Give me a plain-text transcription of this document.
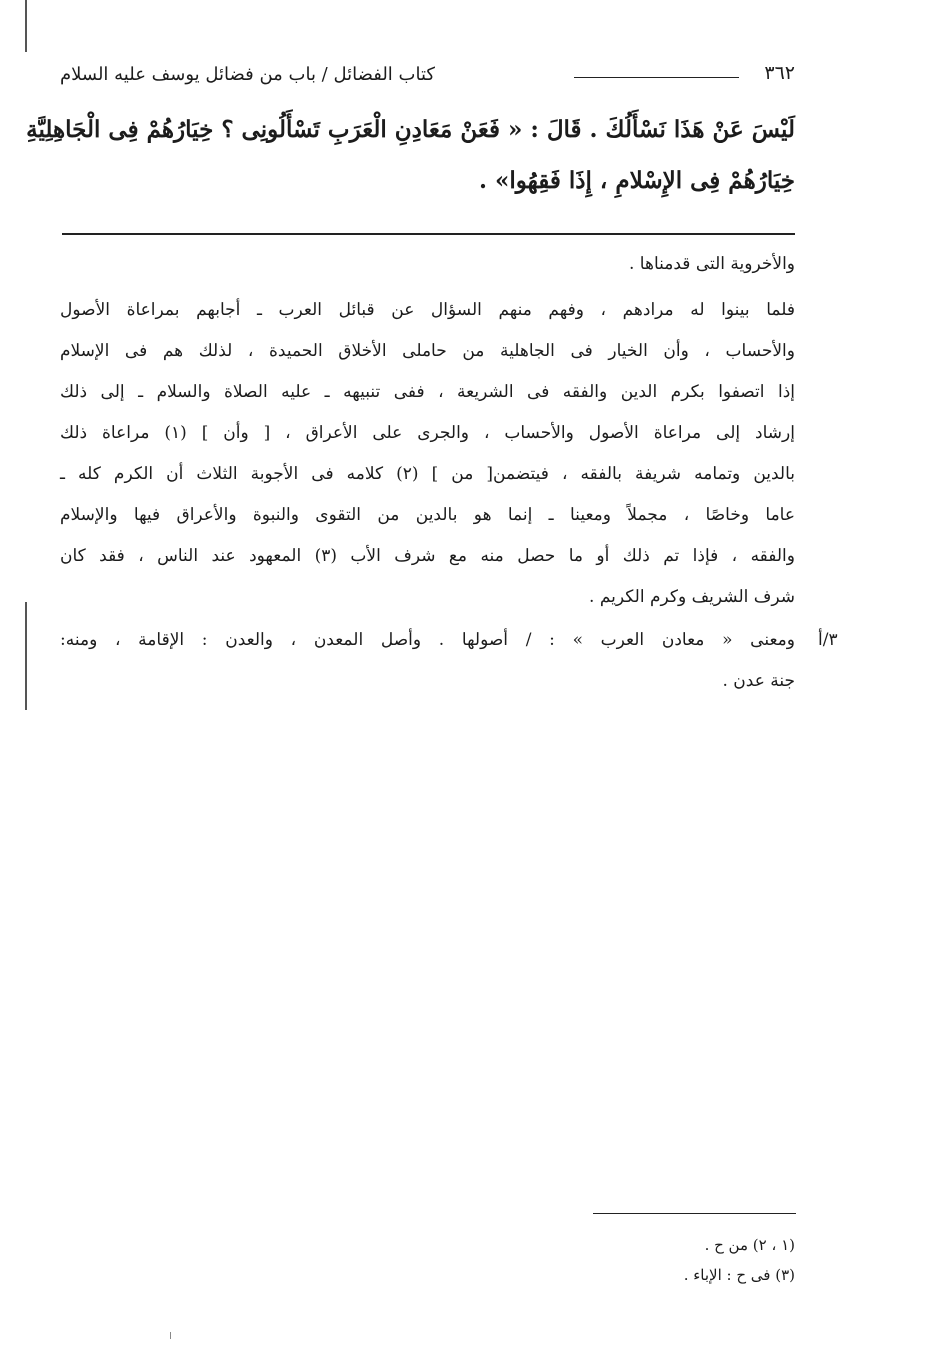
كتاب الفضائل / باب من فضائل يوسف عليه السلام	٣٦٢
لَيْسَ عَنْ هَذَا نَسْأَلُكَ . قَالَ : « فَعَنْ مَعَادِنِ الْعَرَبِ تَسْأَلُونِى ؟ خِيَارُهُمْ فِى الْجَاهِلِيَّةِ
خِيَارُهُمْ فِى الإِسْلامِ ، إِذَا فَقِهُوا» .
والأخروية التى قدمناها .
فلما بينوا له مرادهم ، وفهم منهم السؤال عن قبائل العرب ـ أجابهم بمراعاة الأصول
والأحساب ، وأن الخيار فى الجاهلية من حاملى الأخلاق الحميدة ، لذلك هم فى الإسلام
إذا اتصفوا بكرم الدين والفقه فى الشريعة ، ففى تنبيهه ـ عليه الصلاة والسلام ـ إلى ذلك
إرشاد إلى مراعاة الأصول والأحساب ، والجرى على الأعراق ، [ وأن ] (١) مراعاة ذلك
بالدين وتمامه شريفة بالفقه ، فيتضمن[ من ] (٢) كلامه فى الأجوبة الثلاث أن الكرم كله ـ
عاما وخاصًا ، مجملاً ومعينا ـ إنما هو بالدين من التقوى والنبوة والأعراق فيها والإسلام
والفقه ، فإذا تم ذلك أو ما حصل منه مع شرف الأب (٣) المعهود عند الناس ، فقد كان
شرف الشريف وكرم الكريم .
ومعنى « معادن العرب » : / أصولها . وأصل المعدن ، والعدن : الإقامة ، ومنه:
جنة عدن .
٣/أ
(١ ، ٢) من ح .
(٣) فى ح : الإباء .
